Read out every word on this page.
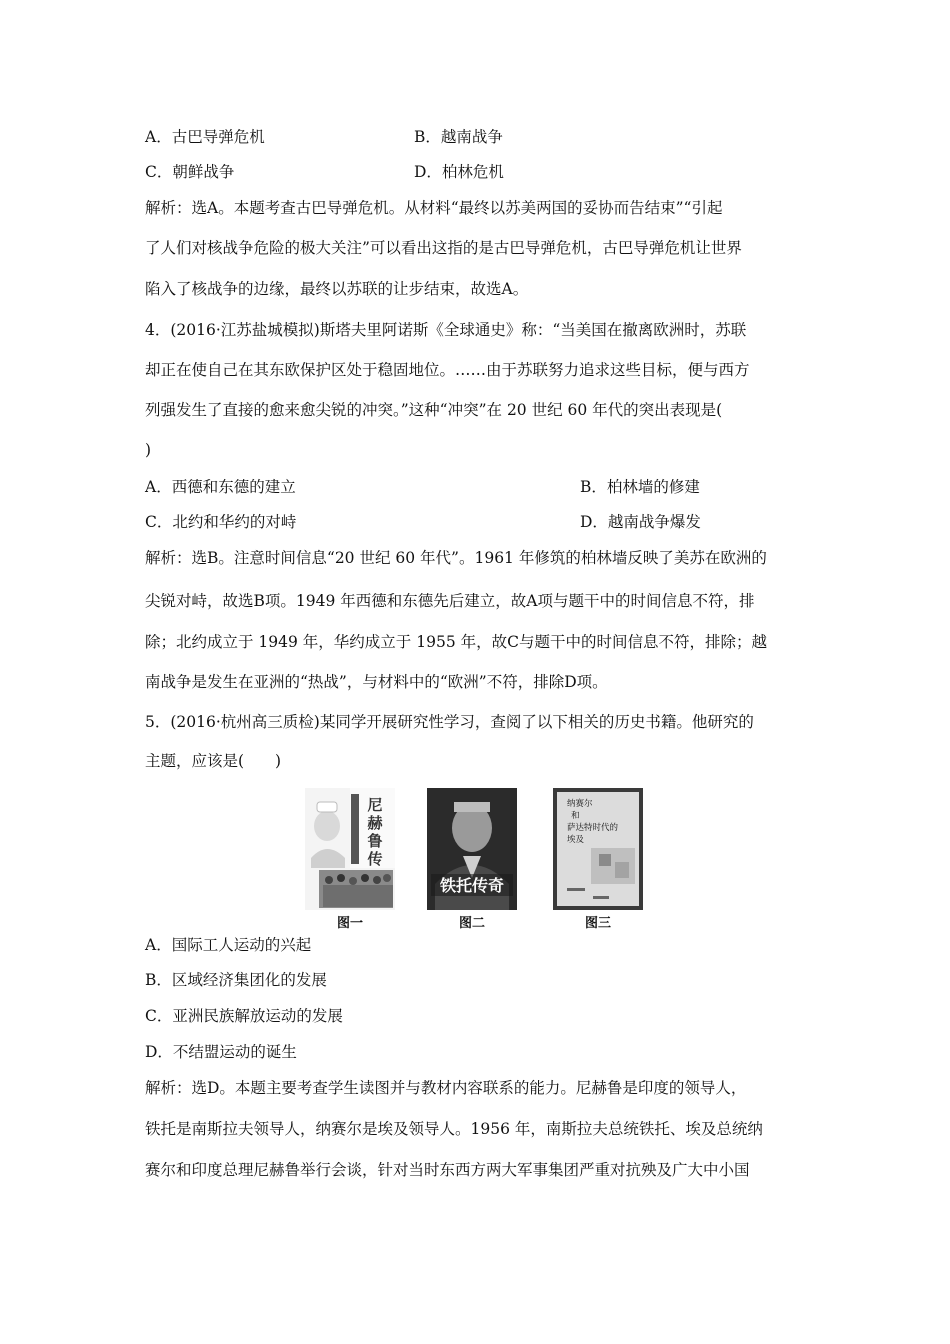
A．古巴导弹危机	B．越南战争
C．朝鲜战争	D．柏林危机
解析：选A。本题考查古巴导弹危机。从材料“最终以苏美两国的妥协而告结束”“引起
了人们对核战争危险的极大关注”可以看出这指的是古巴导弹危机，古巴导弹危机让世界
陷入了核战争的边缘，最终以苏联的让步结束，故选A。
4．(2016·江苏盐城模拟)斯塔夫里阿诺斯《全球通史》称：“当美国在撤离欧洲时，苏联
却正在使自己在其东欧保护区处于稳固地位。……由于苏联努力追求这些目标，便与西方
列强发生了直接的愈来愈尖锐的冲突。”这种“冲突”在 20 世纪 60 年代的突出表现是(
)
A．西德和东德的建立	B．柏林墙的修建
C．北约和华约的对峙	D．越南战争爆发
解析：选B。注意时间信息“20 世纪 60 年代”。1961 年修筑的柏林墙反映了美苏在欧洲的
尖锐对峙，故选B项。1949 年西德和东德先后建立，故A项与题干中的时间信息不符，排
除；北约成立于 1949 年，华约成立于 1955 年，故C与题干中的时间信息不符，排除；越
南战争是发生在亚洲的“热战”，与材料中的“欧洲”不符，排除D项。
5．(2016·杭州高三质检)某同学开展研究性学习，查阅了以下相关的历史书籍。他研究的
主题，应该是(　　)
尼
赫
鲁
传
图一
铁托传奇
图二
纳赛尔
和
萨达特时代的
埃及
图三
A．国际工人运动的兴起
B．区域经济集团化的发展
C．亚洲民族解放运动的发展
D．不结盟运动的诞生
解析：选D。本题主要考查学生读图并与教材内容联系的能力。尼赫鲁是印度的领导人，
铁托是南斯拉夫领导人，纳赛尔是埃及领导人。1956 年，南斯拉夫总统铁托、埃及总统纳
赛尔和印度总理尼赫鲁举行会谈，针对当时东西方两大军事集团严重对抗殃及广大中小国
